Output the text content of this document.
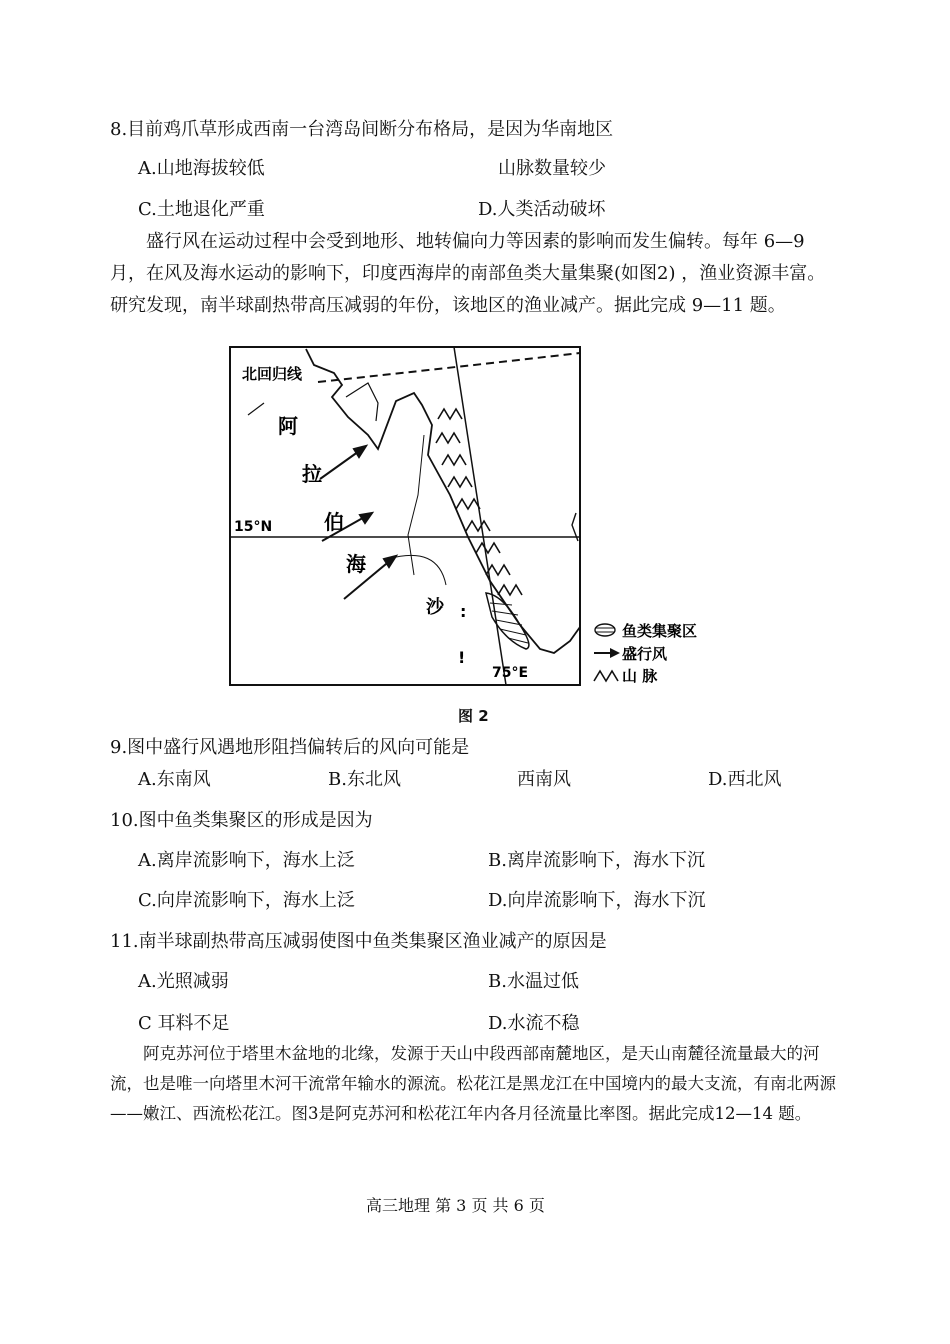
8.目前鸡爪草形成西南一台湾岛间断分布格局，是因为华南地区
A.山地海拔较低	山脉数量较少
C.土地退化严重	D.人类活动破坏
盛行风在运动过程中会受到地形、地转偏向力等因素的影响而发生偏转。每年 6—9月，在风及海水运动的影响下，印度西海岸的南部鱼类大量集聚(如图2) ，渔业资源丰富。研究发现，南半球副热带高压减弱的年份，该地区的渔业减产。据此完成 9—11 题。
北回归线
15°N
75°E
阿
拉
伯
海
沙 :
!
鱼类集聚区
盛行风
山 脉
图 2
9.图中盛行风遇地形阻挡偏转后的风向可能是
A.东南风	B.东北风	西南风	D.西北风
10.图中鱼类集聚区的形成是因为
A.离岸流影响下，海水上泛	B.离岸流影响下，海水下沉
C.向岸流影响下，海水上泛	D.向岸流影响下，海水下沉
11.南半球副热带高压减弱使图中鱼类集聚区渔业减产的原因是
A.光照减弱	B.水温过低
C 耳料不足	D.水流不稳
阿克苏河位于塔里木盆地的北缘，发源于天山中段西部南麓地区，是天山南麓径流量最大的河流，也是唯一向塔里木河干流常年输水的源流。松花江是黑龙江在中国境内的最大支流，有南北两源——嫩江、西流松花江。图3是阿克苏河和松花江年内各月径流量比率图。据此完成12—14 题。
高三地理 第 3 页 共 6 页
